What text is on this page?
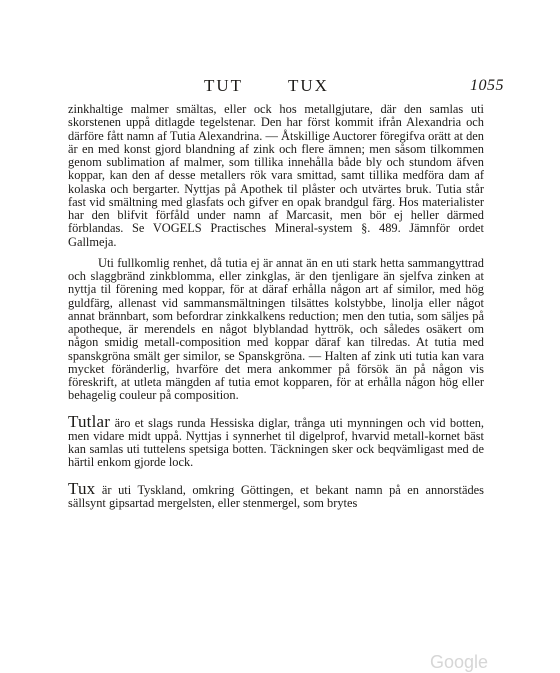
TUT	TUX	1055

zinkhaltige malmer smältas, eller ock hos metallgjutare, där den samlas uti skorstenen uppå ditlagde tegelstenar. Den har först kommit ifrån Alexandria och därföre fått namn af Tutia Alexandrina. — Åtskillige Auctorer föregifva orätt at den är en med konst gjord blandning af zink och flere ämnen; men såsom tilkommen genom sublimation af malmer, som tillika innehålla både bly och stundom äfven koppar, kan den af desse metallers rök vara smittad, samt tillika medföra dam af kolaska och bergarter. Nyttjas på Apothek til plåster och utvärtes bruk. Tutia står fast vid smältning med glasfats och gifver en opak brandgul färg. Hos materialister har den blifvit förfåld under namn af Marcasit, men bör ej heller därmed förblandas. Se VOGELS Practisches Mineral-system §. 489. Jämnför ordet Gallmeja.

Uti fullkomlig renhet, då tutia ej är annat än en uti stark hetta sammangyttrad och slaggbränd zinkblomma, eller zinkglas, är den tjenligare än sjelfva zinken at nyttja til förening med koppar, för at däraf erhålla någon art af similor, med hög guldfärg, allenast vid sammansmältningen tilsättes kolstybbe, linolja eller något annat brännbart, som befordrar zinkkalkens reduction; men den tutia, som säljes på apotheque, är merendels en något blyblandad hyttrök, och således osäkert om någon smidig metall-composition med koppar däraf kan tilredas. At tutia med spanskgröna smält ger similor, se Spanskgröna. — Halten af zink uti tutia kan vara mycket föränderlig, hvarföre det mera ankommer på försök än på någon vis föreskrift, at utleta mängden af tutia emot kopparen, för at erhålla någon hög eller behagelig couleur på composition.

Tutlar äro et slags runda Hessiska diglar, trånga uti mynningen och vid botten, men vidare midt uppå. Nyttjas i synnerhet til digelprof, hvarvid metall-kornet bäst kan samlas uti tuttelens spetsiga botten. Täckningen sker ock beqvämligast med de härtil enkom gjorde lock.

Tux är uti Tyskland, omkring Göttingen, et bekant namn på en annorstädes sällsynt gipsartad mergelsten, eller stenmergel, som brytes

Google
